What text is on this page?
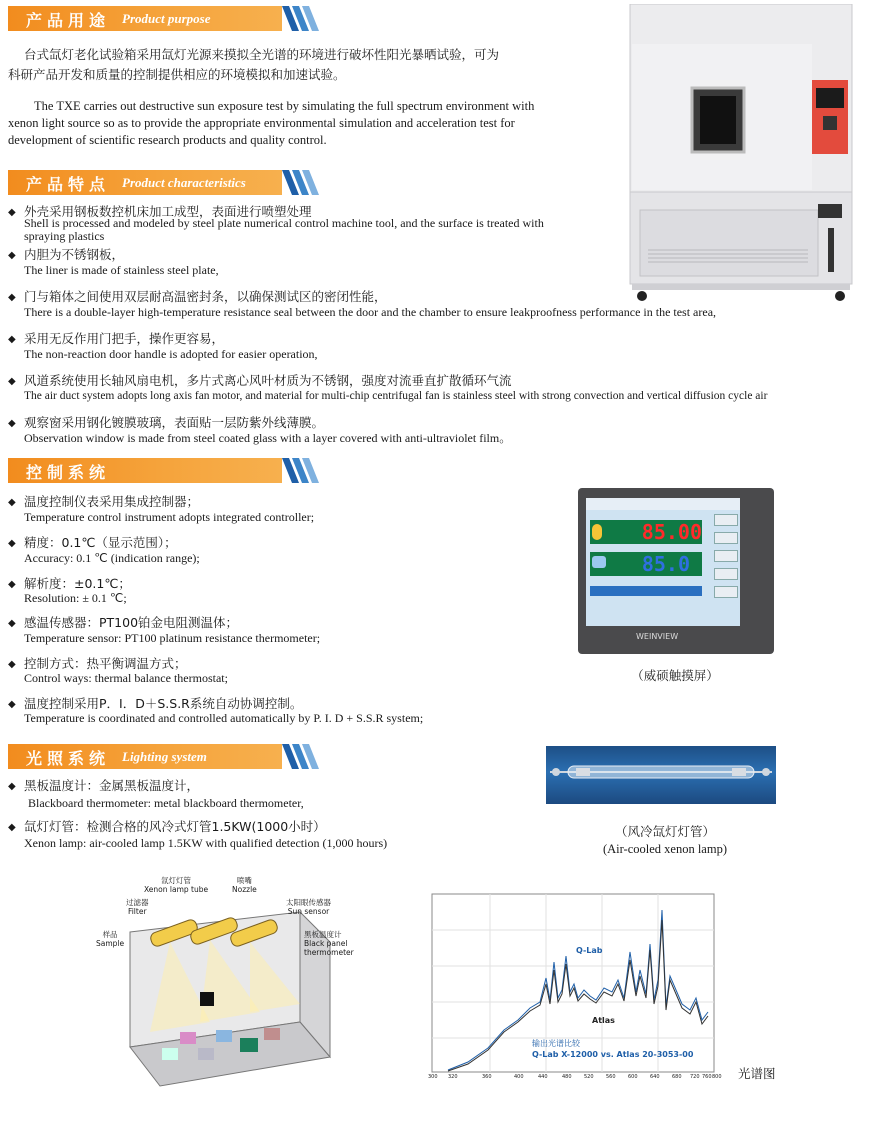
产品用途 Product purpose
台式氙灯老化试验箱采用氙灯光源来摸拟全光谱的环境进行破坏性阳光暴晒试验，可为
科研产品开发和质量的控制提供相应的环境模拟和加速试验。
The TXE carries out destructive sun exposure test by simulating the full spectrum environment with
xenon light source so as to provide the appropriate environmental simulation and acceleration test for
development of scientific research products and quality control.
产品特点 Product characteristics
◆ 外壳采用钢板数控机床加工成型，表面进行喷塑处理
Shell is processed and modeled by steel plate numerical control machine tool, and the surface is treated with
spraying plastics
◆ 内胆为不锈钢板，
The liner is made of stainless steel plate,
◆ 门与箱体之间使用双层耐高温密封条，以确保测试区的密闭性能，
There is a double-layer high-temperature resistance seal between the door and the chamber to ensure leakproofness performance in the test area,
◆ 采用无反作用门把手，操作更容易，
The non-reaction door handle is adopted for easier operation,
◆ 风道系统使用长轴风扇电机，多片式离心风叶材质为不锈钢，强度对流垂直扩散循环气流
The air duct system adopts long axis fan motor, and material for multi-chip centrifugal fan is stainless steel with strong convection and vertical diffusion cycle air
◆ 观察窗采用钢化镀膜玻璃，表面贴一层防紫外线薄膜。
Observation window is made from steel coated glass with a layer covered with anti-ultraviolet film。
控制系统
◆ 温度控制仪表采用集成控制器；
Temperature control instrument adopts integrated controller;
◆ 精度：0.1℃（显示范围）；
Accuracy: 0.1 ℃ (indication range);
◆ 解析度：±0.1℃；
Resolution: ± 0.1 ℃;
◆ 感温传感器：PT100铂金电阻测温体；
Temperature sensor: PT100 platinum resistance thermometer;
◆ 控制方式：热平衡调温方式；
Control ways: thermal balance thermostat;
◆ 温度控制采用P．I．D＋S.S.R系统自动协调控制。
Temperature is coordinated and controlled automatically by P. I. D + S.S.R system;
85.00
85.0
WEINVIEW
（威硕触摸屏）
光照系统 Lighting system
◆ 黑板温度计：金属黑板温度计，
Blackboard thermometer: metal blackboard thermometer,
◆ 氙灯灯管：检测合格的风冷式灯管1.5KW(1000小时）
Xenon lamp: air-cooled lamp 1.5KW with qualified detection (1,000 hours)
（风冷氙灯灯管）
(Air-cooled xenon lamp)
氙灯灯管
Xenon lamp tube
喷嘴
Nozzle
过滤器
Filter
太阳眼传感器
Sun sensor
样品
Sample
黑板温度计
Black panel
thermometer	Q-Lab
Atlas
输出光谱比较
Q-Lab X-12000 vs. Atlas 20-3053-00
300 320	360	400	440	480 520 560 600 640 680 720 760 800 光谱图
